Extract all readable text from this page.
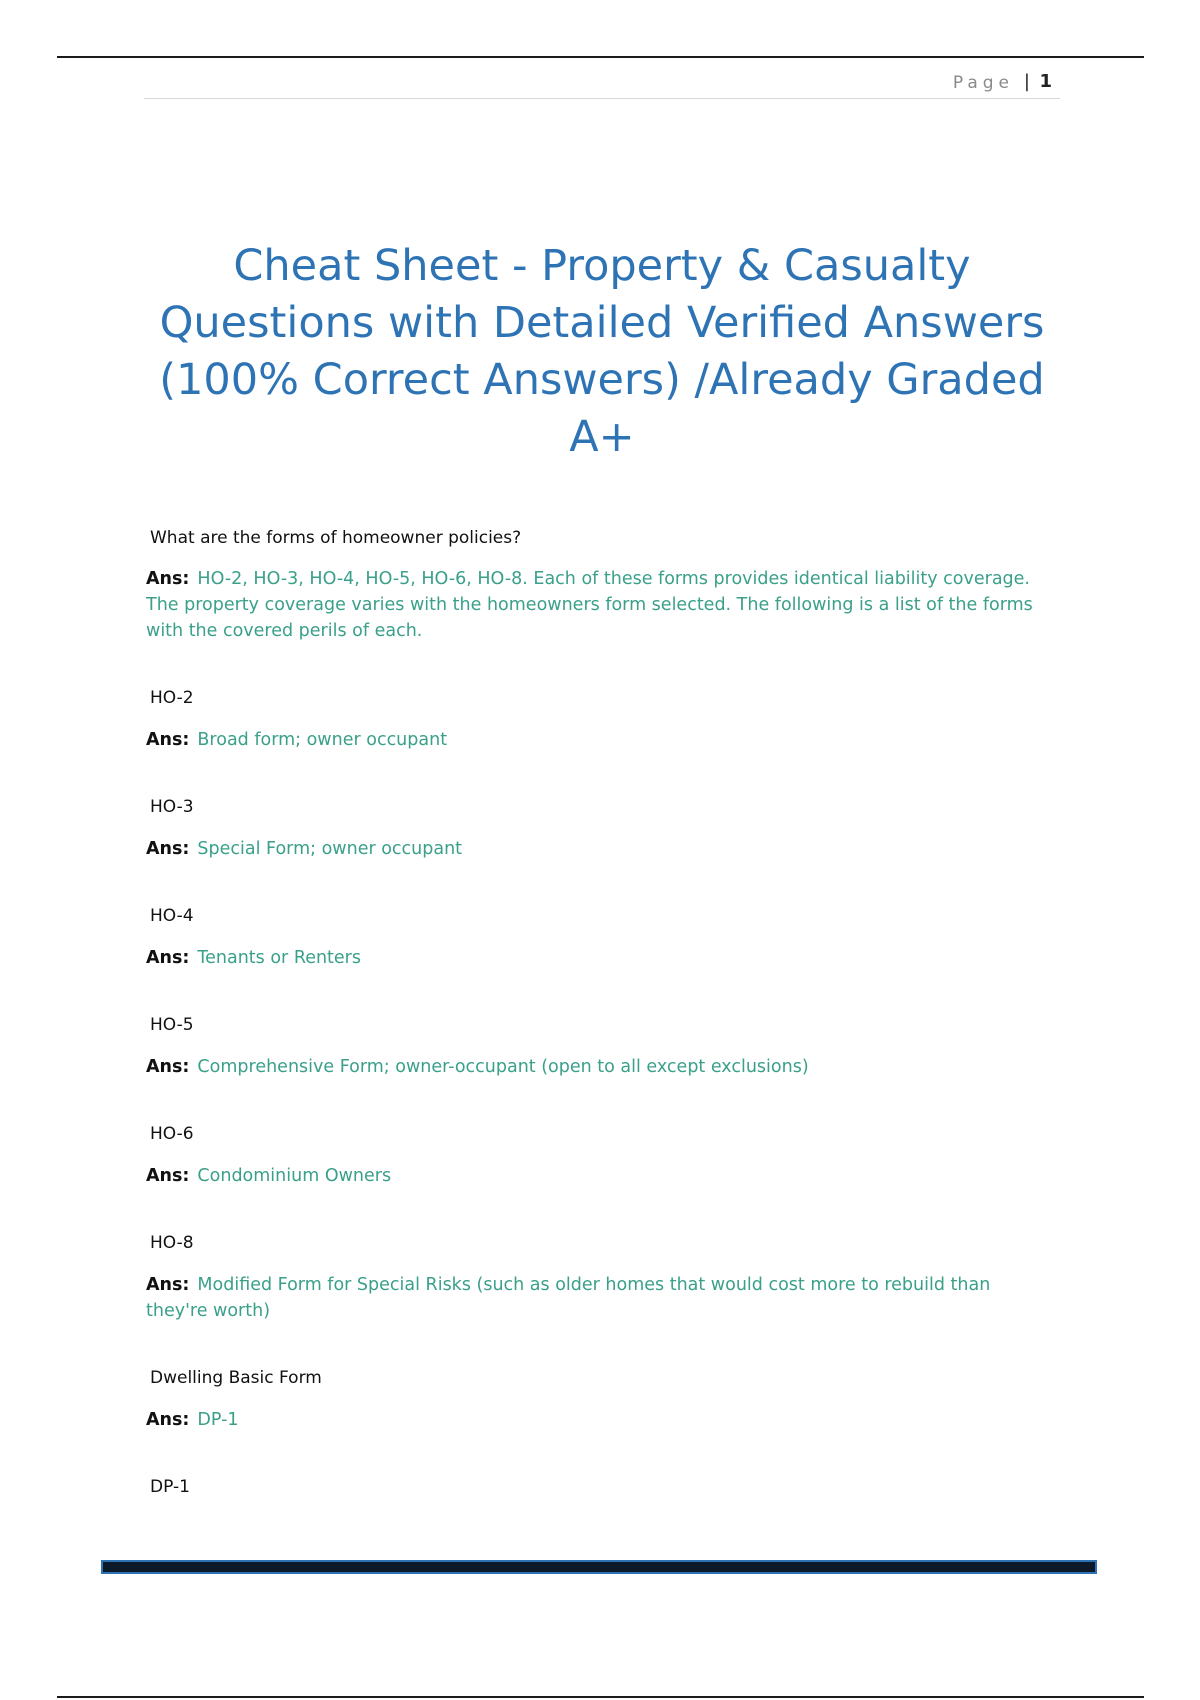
Page | 1
Cheat Sheet - Property & Casualty Questions with Detailed Verified Answers (100% Correct Answers) /Already Graded A+
What are the forms of homeowner policies?
Ans: HO-2, HO-3, HO-4, HO-5, HO-6, HO-8. Each of these forms provides identical liability coverage. The property coverage varies with the homeowners form selected. The following is a list of the forms with the covered perils of each.
HO-2
Ans: Broad form; owner occupant
HO-3
Ans: Special Form; owner occupant
HO-4
Ans: Tenants or Renters
HO-5
Ans: Comprehensive Form; owner-occupant (open to all except exclusions)
HO-6
Ans: Condominium Owners
HO-8
Ans: Modified Form for Special Risks (such as older homes that would cost more to rebuild than they're worth)
Dwelling Basic Form
Ans: DP-1
DP-1
